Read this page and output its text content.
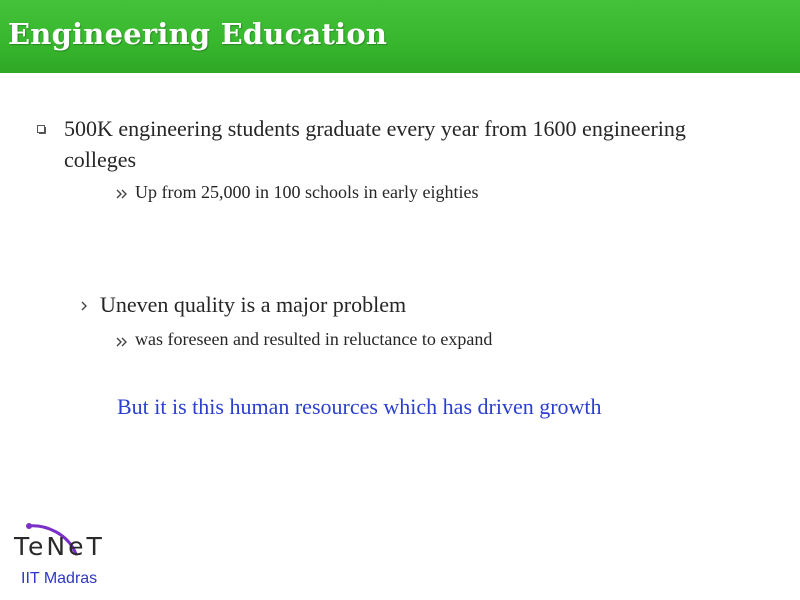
Engineering Education
500K engineering students graduate every year from 1600 engineering colleges
Up from 25,000 in 100 schools in early eighties
Uneven quality is a major problem
was foreseen and resulted in reluctance to expand
But it is this human resources which has driven growth
TeNeT
IIT Madras
